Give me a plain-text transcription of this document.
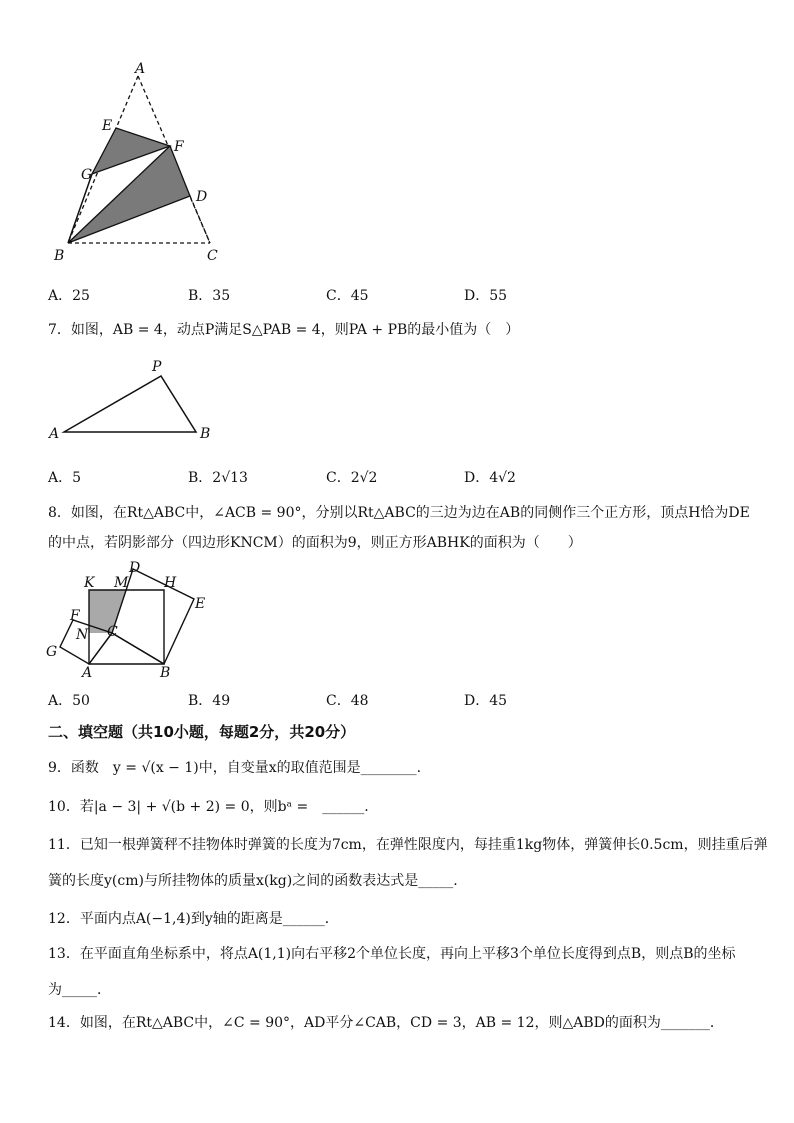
A
E
F
G
D
B	C
A．25	B．35	C．45	D．55
7．如图，AB = 4，动点P满足S△PAB = 4，则PA + PB的最小值为（　）
P
A	B
A．5	B．2√13	C．2√2	D．4√2
8．如图，在Rt△ABC中，∠ACB = 90°，分别以Rt△ABC的三边为边在AB的同侧作三个正方形，顶点H恰为DE
的中点，若阴影部分（四边形KNCM）的面积为9，则正方形ABHK的面积为（　　）
K M
D
H
E
F
N C
G
A	B
A．50	B．49	C．48	D．45
二、填空题（共10小题，每题2分，共20分）
9．函数　y = √(x − 1)中，自变量x的取值范围是________.
10．若|a − 3| + √(b + 2) = 0，则bᵃ =　______.
11．已知一根弹簧秤不挂物体时弹簧的长度为7cm，在弹性限度内，每挂重1kg物体，弹簧伸长0.5cm，则挂重后弹
簧的长度y(cm)与所挂物体的质量x(kg)之间的函数表达式是_____.
12．平面内点A(−1,4)到y轴的距离是______．
13．在平面直角坐标系中，将点A(1,1)向右平移2个单位长度，再向上平移3个单位长度得到点B，则点B的坐标
为_____．
14．如图，在Rt△ABC中，∠C = 90°，AD平分∠CAB，CD = 3，AB = 12，则△ABD的面积为_______．
